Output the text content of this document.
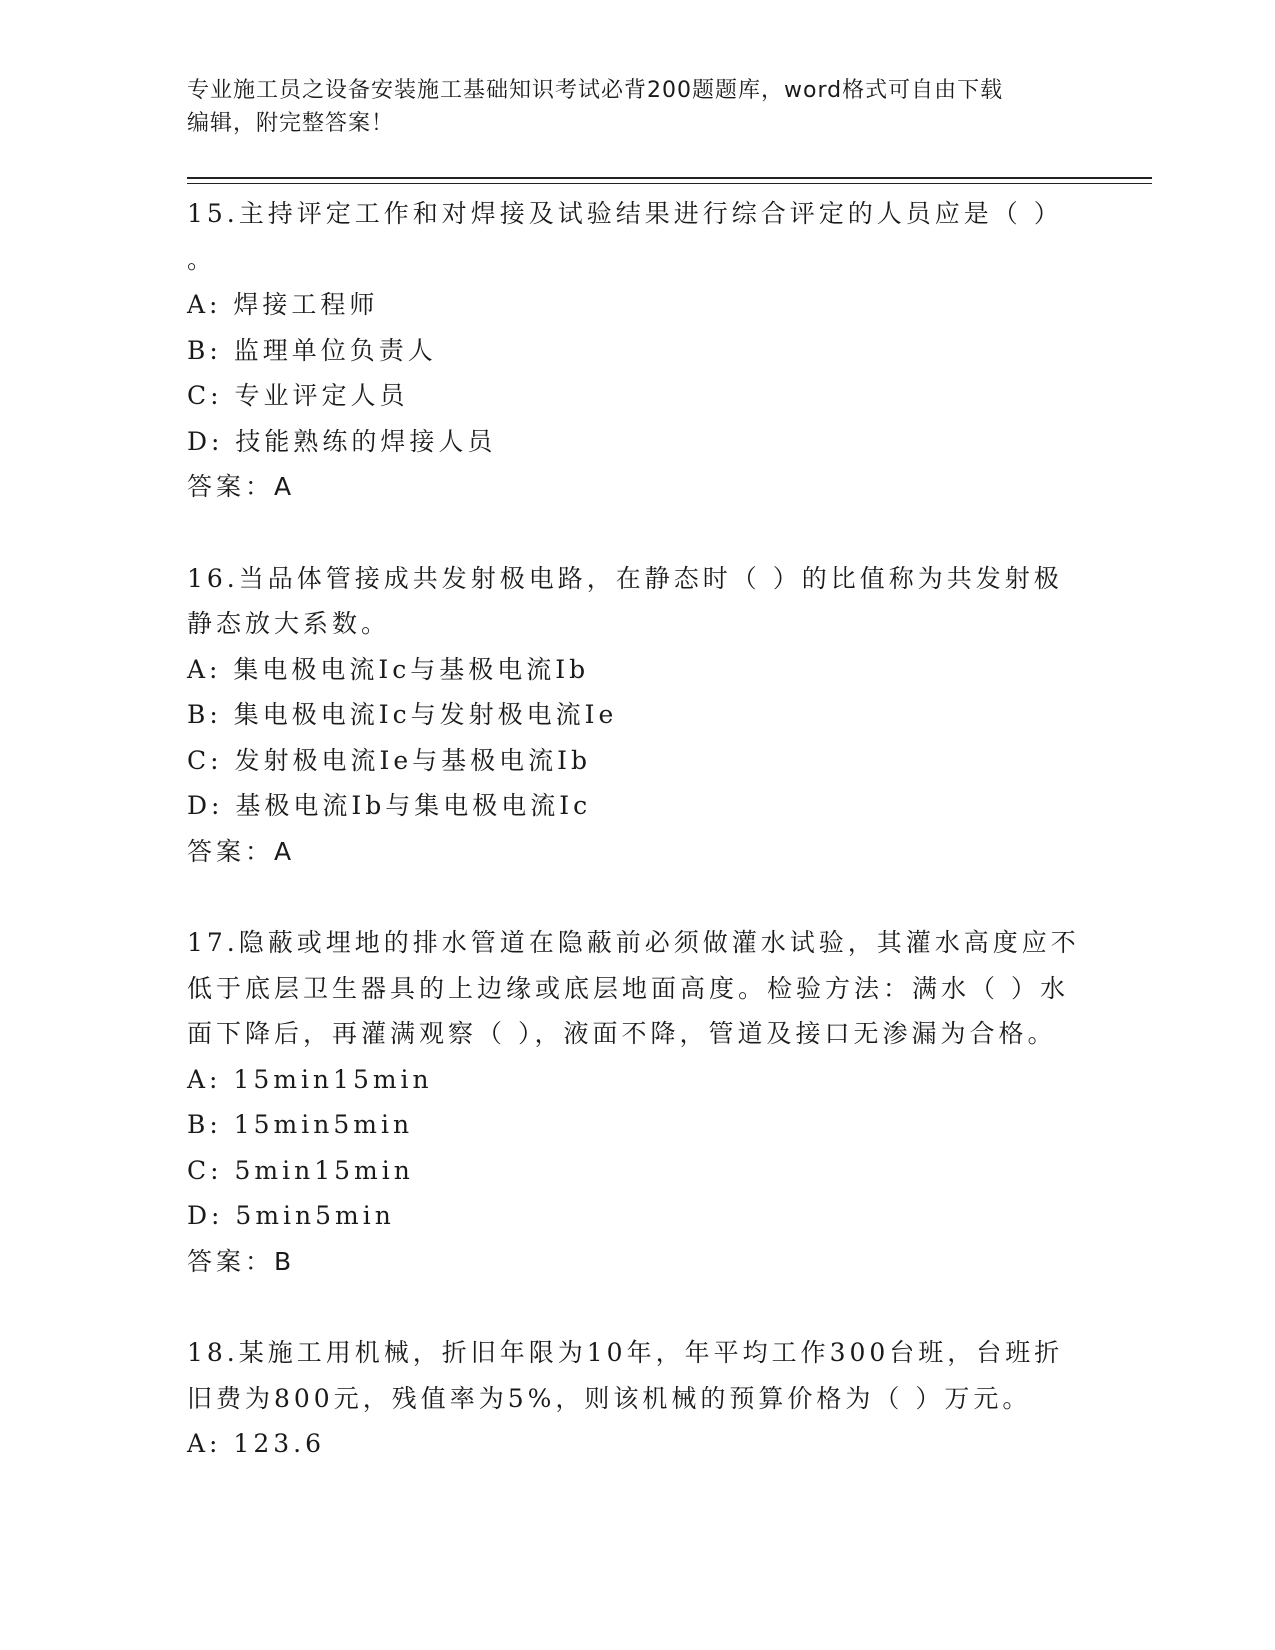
专业施工员之设备安装施工基础知识考试必背200题题库，word格式可自由下载
编辑，附完整答案！
15.主持评定工作和对焊接及试验结果进行综合评定的人员应是（ ）
。
A: 焊接工程师
B: 监理单位负责人
C: 专业评定人员
D: 技能熟练的焊接人员
答案：A
16.当品体管接成共发射极电路，在静态时（ ）的比值称为共发射极
静态放大系数。
A: 集电极电流Ic与基极电流Ib
B: 集电极电流Ic与发射极电流Ie
C: 发射极电流Ie与基极电流Ib
D: 基极电流Ib与集电极电流Ic
答案：A
17.隐蔽或埋地的排水管道在隐蔽前必须做灌水试验，其灌水高度应不
低于底层卫生器具的上边缘或底层地面高度。检验方法：满水（ ）水
面下降后，再灌满观察（ ），液面不降，管道及接口无渗漏为合格。
A: 15min15min
B: 15min5min
C: 5min15min
D: 5min5min
答案：B
18.某施工用机械，折旧年限为10年，年平均工作300台班，台班折
旧费为800元，残值率为5%，则该机械的预算价格为（ ）万元。
A: 123.6
